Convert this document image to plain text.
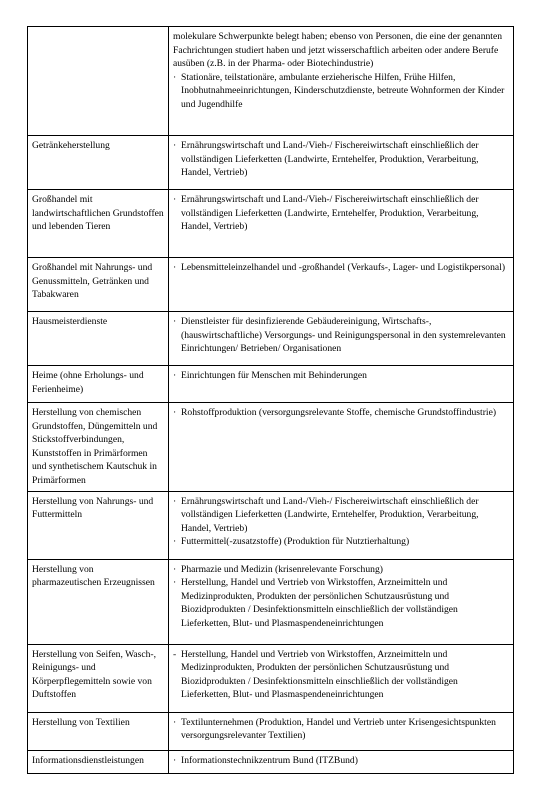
molekulare Schwerpunkte belegt haben; ebenso von Personen, die eine der genannten Fachrichtungen studiert haben und jetzt wisserschaftlich arbeiten oder andere Berufe ausüben (z.B. in der Pharma- oder Biotechindustrie)
· Stationäre, teilstationäre, ambulante erzieherische Hilfen, Frühe Hilfen, Inobhutnahmeeinrichtungen, Kinderschutzdienste, betreute Wohnformen der Kinder und Jugendhilfe

Getränkeherstellung	· Ernährungswirtschaft und Land-/Vieh-/ Fischereiwirtschaft einschließlich der vollständigen Lieferketten (Landwirte, Erntehelfer, Produktion, Verarbeitung, Handel, Vertrieb)

Großhandel mit landwirtschaftlichen Grundstoffen und lebenden Tieren	· Ernährungswirtschaft und Land-/Vieh-/ Fischereiwirtschaft einschließlich der vollständigen Lieferketten (Landwirte, Erntehelfer, Produktion, Verarbeitung, Handel, Vertrieb)

Großhandel mit Nahrungs- und Genussmitteln, Getränken und Tabakwaren	· Lebensmitteleinzelhandel und -großhandel (Verkaufs-, Lager- und Logistikpersonal)

Hausmeisterdienste	· Dienstleister für desinfizierende Gebäudereinigung, Wirtschafts-, (hauswirtschaftliche) Versorgungs- und Reinigungspersonal in den systemrelevanten Einrichtungen/ Betrieben/ Organisationen

Heime (ohne Erholungs- und Ferienheime)	· Einrichtungen für Menschen mit Behinderungen

Herstellung von chemischen Grundstoffen, Düngemitteln und Stickstoffverbindungen, Kunststoffen in Primärformen und synthetischem Kautschuk in Primärformen	· Rohstoffproduktion (versorgungsrelevante Stoffe, chemische Grundstoffindustrie)

Herstellung von Nahrungs- und Futtermitteln	· Ernährungswirtschaft und Land-/Vieh-/ Fischereiwirtschaft einschließlich der vollständigen Lieferketten (Landwirte, Erntehelfer, Produktion, Verarbeitung, Handel, Vertrieb)
· Futtermittel(-zusatzstoffe) (Produktion für Nutztierhaltung)

Herstellung von pharmazeutischen Erzeugnissen	· Pharmazie und Medizin (krisenrelevante Forschung)
· Herstellung, Handel und Vertrieb von Wirkstoffen, Arzneimitteln und Medizinprodukten, Produkten der persönlichen Schutzausrüstung und Biozidprodukten / Desinfektionsmitteln einschließlich der vollständigen Lieferketten, Blut- und Plasmaspendeneinrichtungen

Herstellung von Seifen, Wasch-, Reinigungs- und Körperpflegemitteln sowie von Duftstoffen	- Herstellung, Handel und Vertrieb von Wirkstoffen, Arzneimitteln und Medizinprodukten, Produkten der persönlichen Schutzausrüstung und Biozidprodukten / Desinfektionsmitteln einschließlich der vollständigen Lieferketten, Blut- und Plasmaspendeneinrichtungen

Herstellung von Textilien	· Textilunternehmen (Produktion, Handel und Vertrieb unter Krisengesichtspunkten versorgungsrelevanter Textilien)

Informationsdienstleistungen	· Informationstechnikzentrum Bund (ITZBund)
